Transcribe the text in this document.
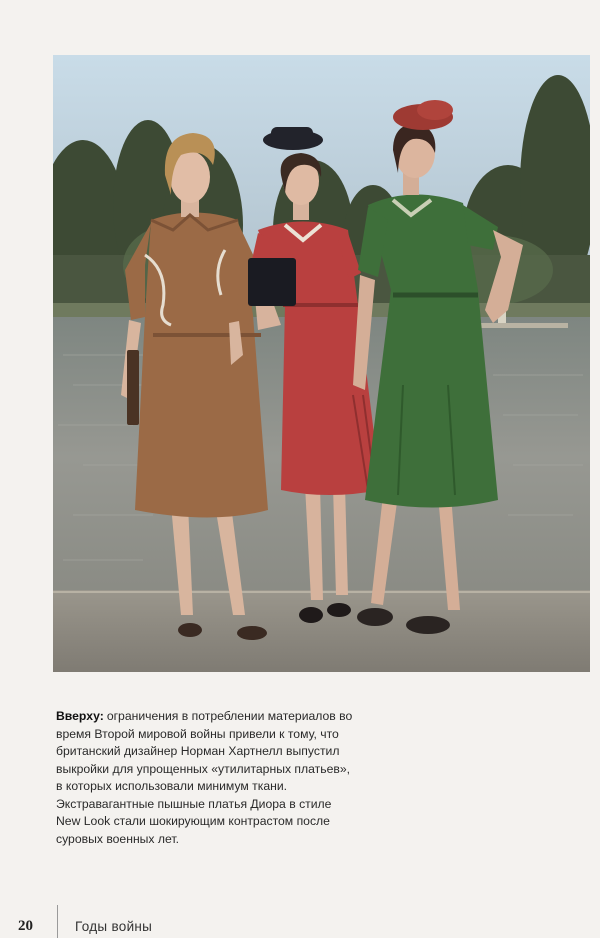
Вверху: ограничения в потреблении материалов во время Второй мировой войны привели к тому, что британский дизайнер Норман Хартнелл выпустил выкройки для упрощенных «утилитарных платьев», в которых использовали минимум ткани. Экстравагантные пышные платья Диора в стиле New Look стали шокирующим контрастом после суровых военных лет.
20	Годы войны
